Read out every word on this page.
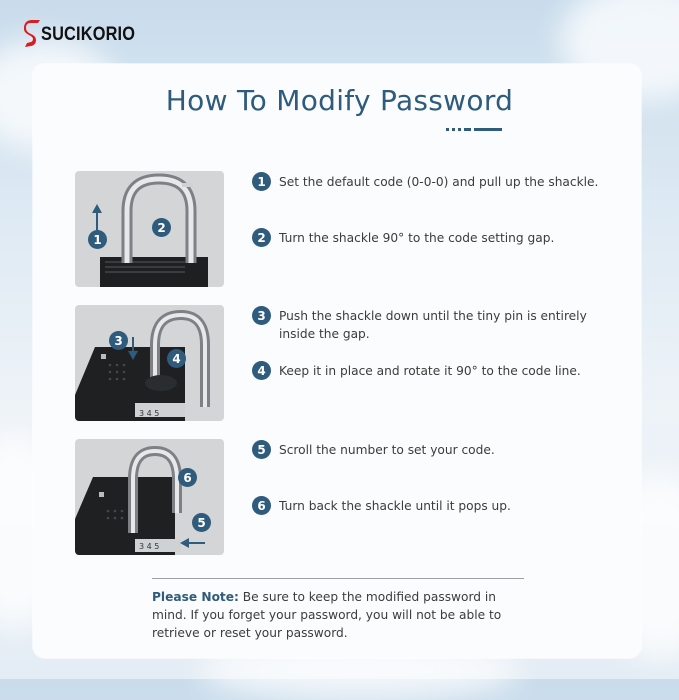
SUCIKORIO
How To Modify Password
1
2
3
4
3 4 5
6
5
3 4 5
1	Set the default code (0-0-0) and pull up the shackle.
2	Turn the shackle 90° to the code setting gap.
3	Push the shackle down until the tiny pin is entirely inside the gap.
4	Keep it in place and rotate it 90° to the code line.
5	Scroll the number to set your code.
6	Turn back the shackle until it pops up.
Please Note: Be sure to keep the modified password in mind. If you forget your password, you will not be able to retrieve or reset your password.
